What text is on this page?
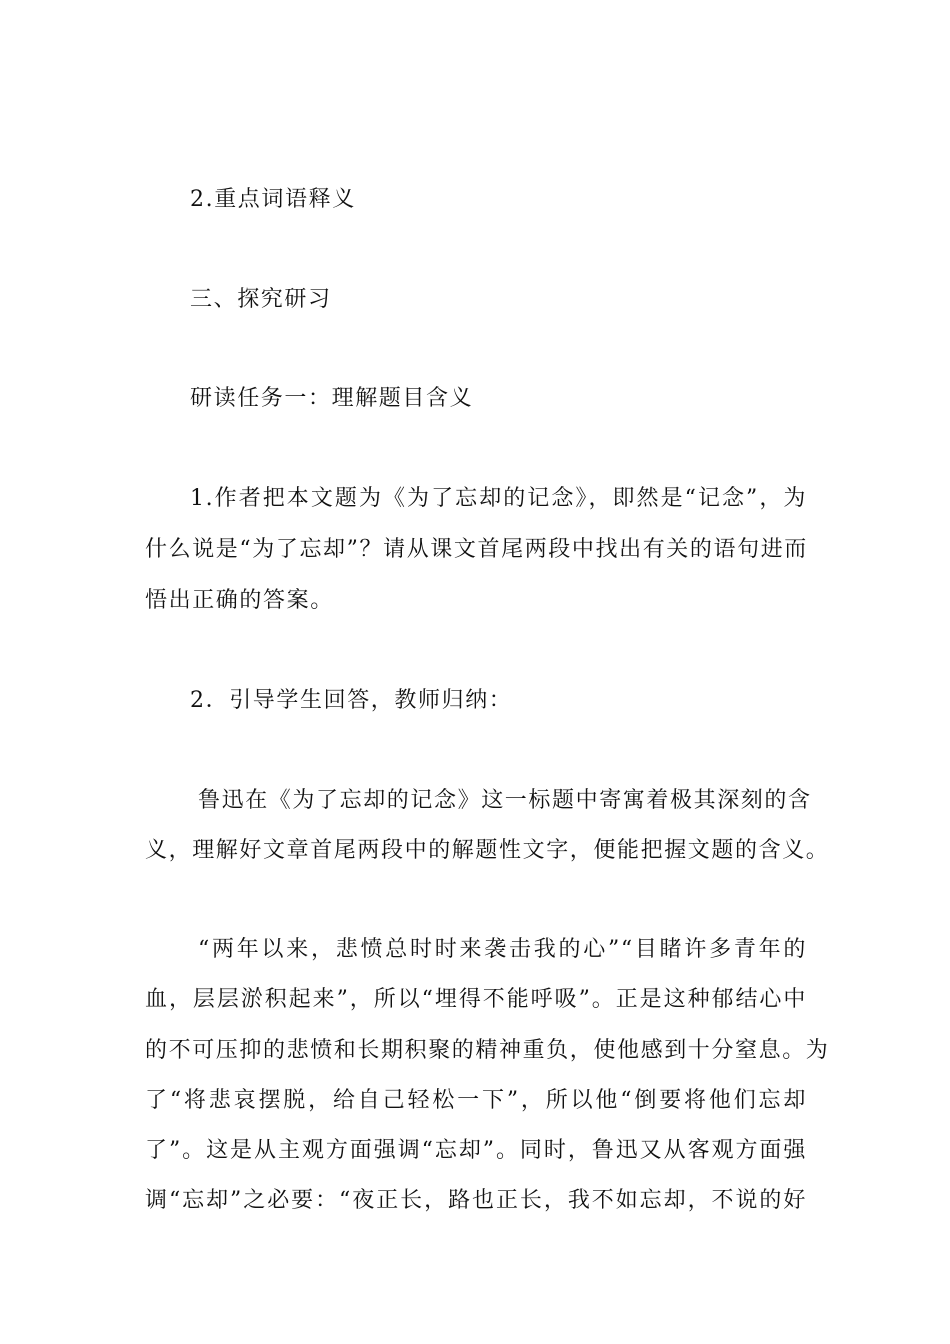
2.重点词语释义
三、探究研习
研读任务一：理解题目含义
1.作者把本文题为《为了忘却的记念》，即然是“记念”，为
什么说是“为了忘却”？请从课文首尾两段中找出有关的语句进而
悟出正确的答案。
2．引导学生回答，教师归纳：
鲁迅在《为了忘却的记念》这一标题中寄寓着极其深刻的含
义，理解好文章首尾两段中的解题性文字，便能把握文题的含义。
“两年以来，悲愤总时时来袭击我的心”“目睹许多青年的
血，层层淤积起来”，所以“埋得不能呼吸”。正是这种郁结心中
的不可压抑的悲愤和长期积聚的精神重负，使他感到十分窒息。为
了“将悲哀摆脱，给自己轻松一下”，所以他“倒要将他们忘却
了”。这是从主观方面强调“忘却”。同时，鲁迅又从客观方面强
调“忘却”之必要：“夜正长，路也正长，我不如忘却，不说的好
